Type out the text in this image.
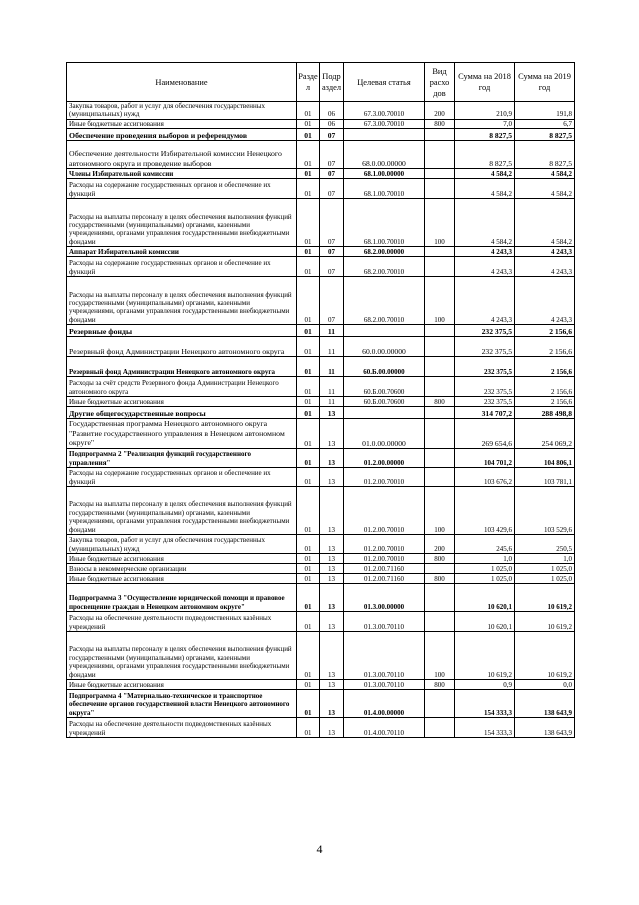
Наименование	Разде л	Подр аздел	Целевая статья	Вид расхо дов	Сумма на 2018 год	Сумма на 2019 год
Закупка товаров, работ и услуг для обеспечения государственных (муниципальных) нужд	01	06	67.3.00.70010	200	210,9	191,8
Иные бюджетные ассигнования	01	06	67.3.00.70010	800	7,0	6,7
Обеспечение проведения выборов и референдумов	01	07			8 827,5	8 827,5
Обеспечение деятельности Избирательной комиссии Ненецкого автономного округа и проведение выборов	01	07	68.0.00.00000		8 827,5	8 827,5
Члены Избирательной комиссии	01	07	68.1.00.00000		4 584,2	4 584,2
Расходы на содержание государственных органов и обеспечение их функций	01	07	68.1.00.70010		4 584,2	4 584,2
Расходы на выплаты персоналу в целях обеспечения выполнения функций государственными (муниципальными) органами, казенными учреждениями, органами управления государственными внебюджетными фондами	01	07	68.1.00.70010	100	4 584,2	4 584,2
Аппарат Избирательной комиссии	01	07	68.2.00.00000		4 243,3	4 243,3
Расходы на содержание государственных органов и обеспечение их функций	01	07	68.2.00.70010		4 243,3	4 243,3
Расходы на выплаты персоналу в целях обеспечения выполнения функций государственными (муниципальными) органами, казенными учреждениями, органами управления государственными внебюджетными фондами	01	07	68.2.00.70010	100	4 243,3	4 243,3
Резервные фонды	01	11			232 375,5	2 156,6
Резервный фонд Администрации Ненецкого автономного округа	01	11	60.0.00.00000		232 375,5	2 156,6
Резервный фонд Администрации Ненецкого автономного округа	01	11	60.Б.00.00000		232 375,5	2 156,6
Расходы за счёт средств Резервного фонда Администрации Ненецкого автономного округа	01	11	60.Б.00.70600		232 375,5	2 156,6
Иные бюджетные ассигнования	01	11	60.Б.00.70600	800	232 375,5	2 156,6
Другие общегосударственные вопросы	01	13			314 707,2	288 498,8
Государственная программа Ненецкого автономного округа "Развитие государственного управления в Ненецком автономном округе"	01	13	01.0.00.00000		269 654,6	254 069,2
Подпрограмма 2 "Реализация функций государственного управления"	01	13	01.2.00.00000		104 701,2	104 806,1
Расходы на содержание государственных органов и обеспечение их функций	01	13	01.2.00.70010		103 676,2	103 781,1
Расходы на выплаты персоналу в целях обеспечения выполнения функций государственными (муниципальными) органами, казенными учреждениями, органами управления государственными внебюджетными фондами	01	13	01.2.00.70010	100	103 429,6	103 529,6
Закупка товаров, работ и услуг для обеспечения государственных (муниципальных) нужд	01	13	01.2.00.70010	200	245,6	250,5
Иные бюджетные ассигнования	01	13	01.2.00.70010	800	1,0	1,0
Взносы в некоммерческие организации	01	13	01.2.00.71160		1 025,0	1 025,0
Иные бюджетные ассигнования	01	13	01.2.00.71160	800	1 025,0	1 025,0
Подпрограмма 3 "Осуществление юридической помощи и правовое просвещение граждан в Ненецком автономном округе"	01	13	01.3.00.00000		10 620,1	10 619,2
Расходы на обеспечение деятельности подведомственных казённых учреждений	01	13	01.3.00.70110		10 620,1	10 619,2
Расходы на выплаты персоналу в целях обеспечения выполнения функций государственными (муниципальными) органами, казенными учреждениями, органами управления государственными внебюджетными фондами	01	13	01.3.00.70110	100	10 619,2	10 619,2
Иные бюджетные ассигнования	01	13	01.3.00.70110	800	0,9	0,0
Подпрограмма 4 "Материально-техническое и транспортное обеспечение органов государственной власти Ненецкого автономного округа"	01	13	01.4.00.00000		154 333,3	138 643,9
Расходы на обеспечение деятельности подведомственных казённых учреждений	01	13	01.4.00.70110		154 333,3	138 643,9
4
